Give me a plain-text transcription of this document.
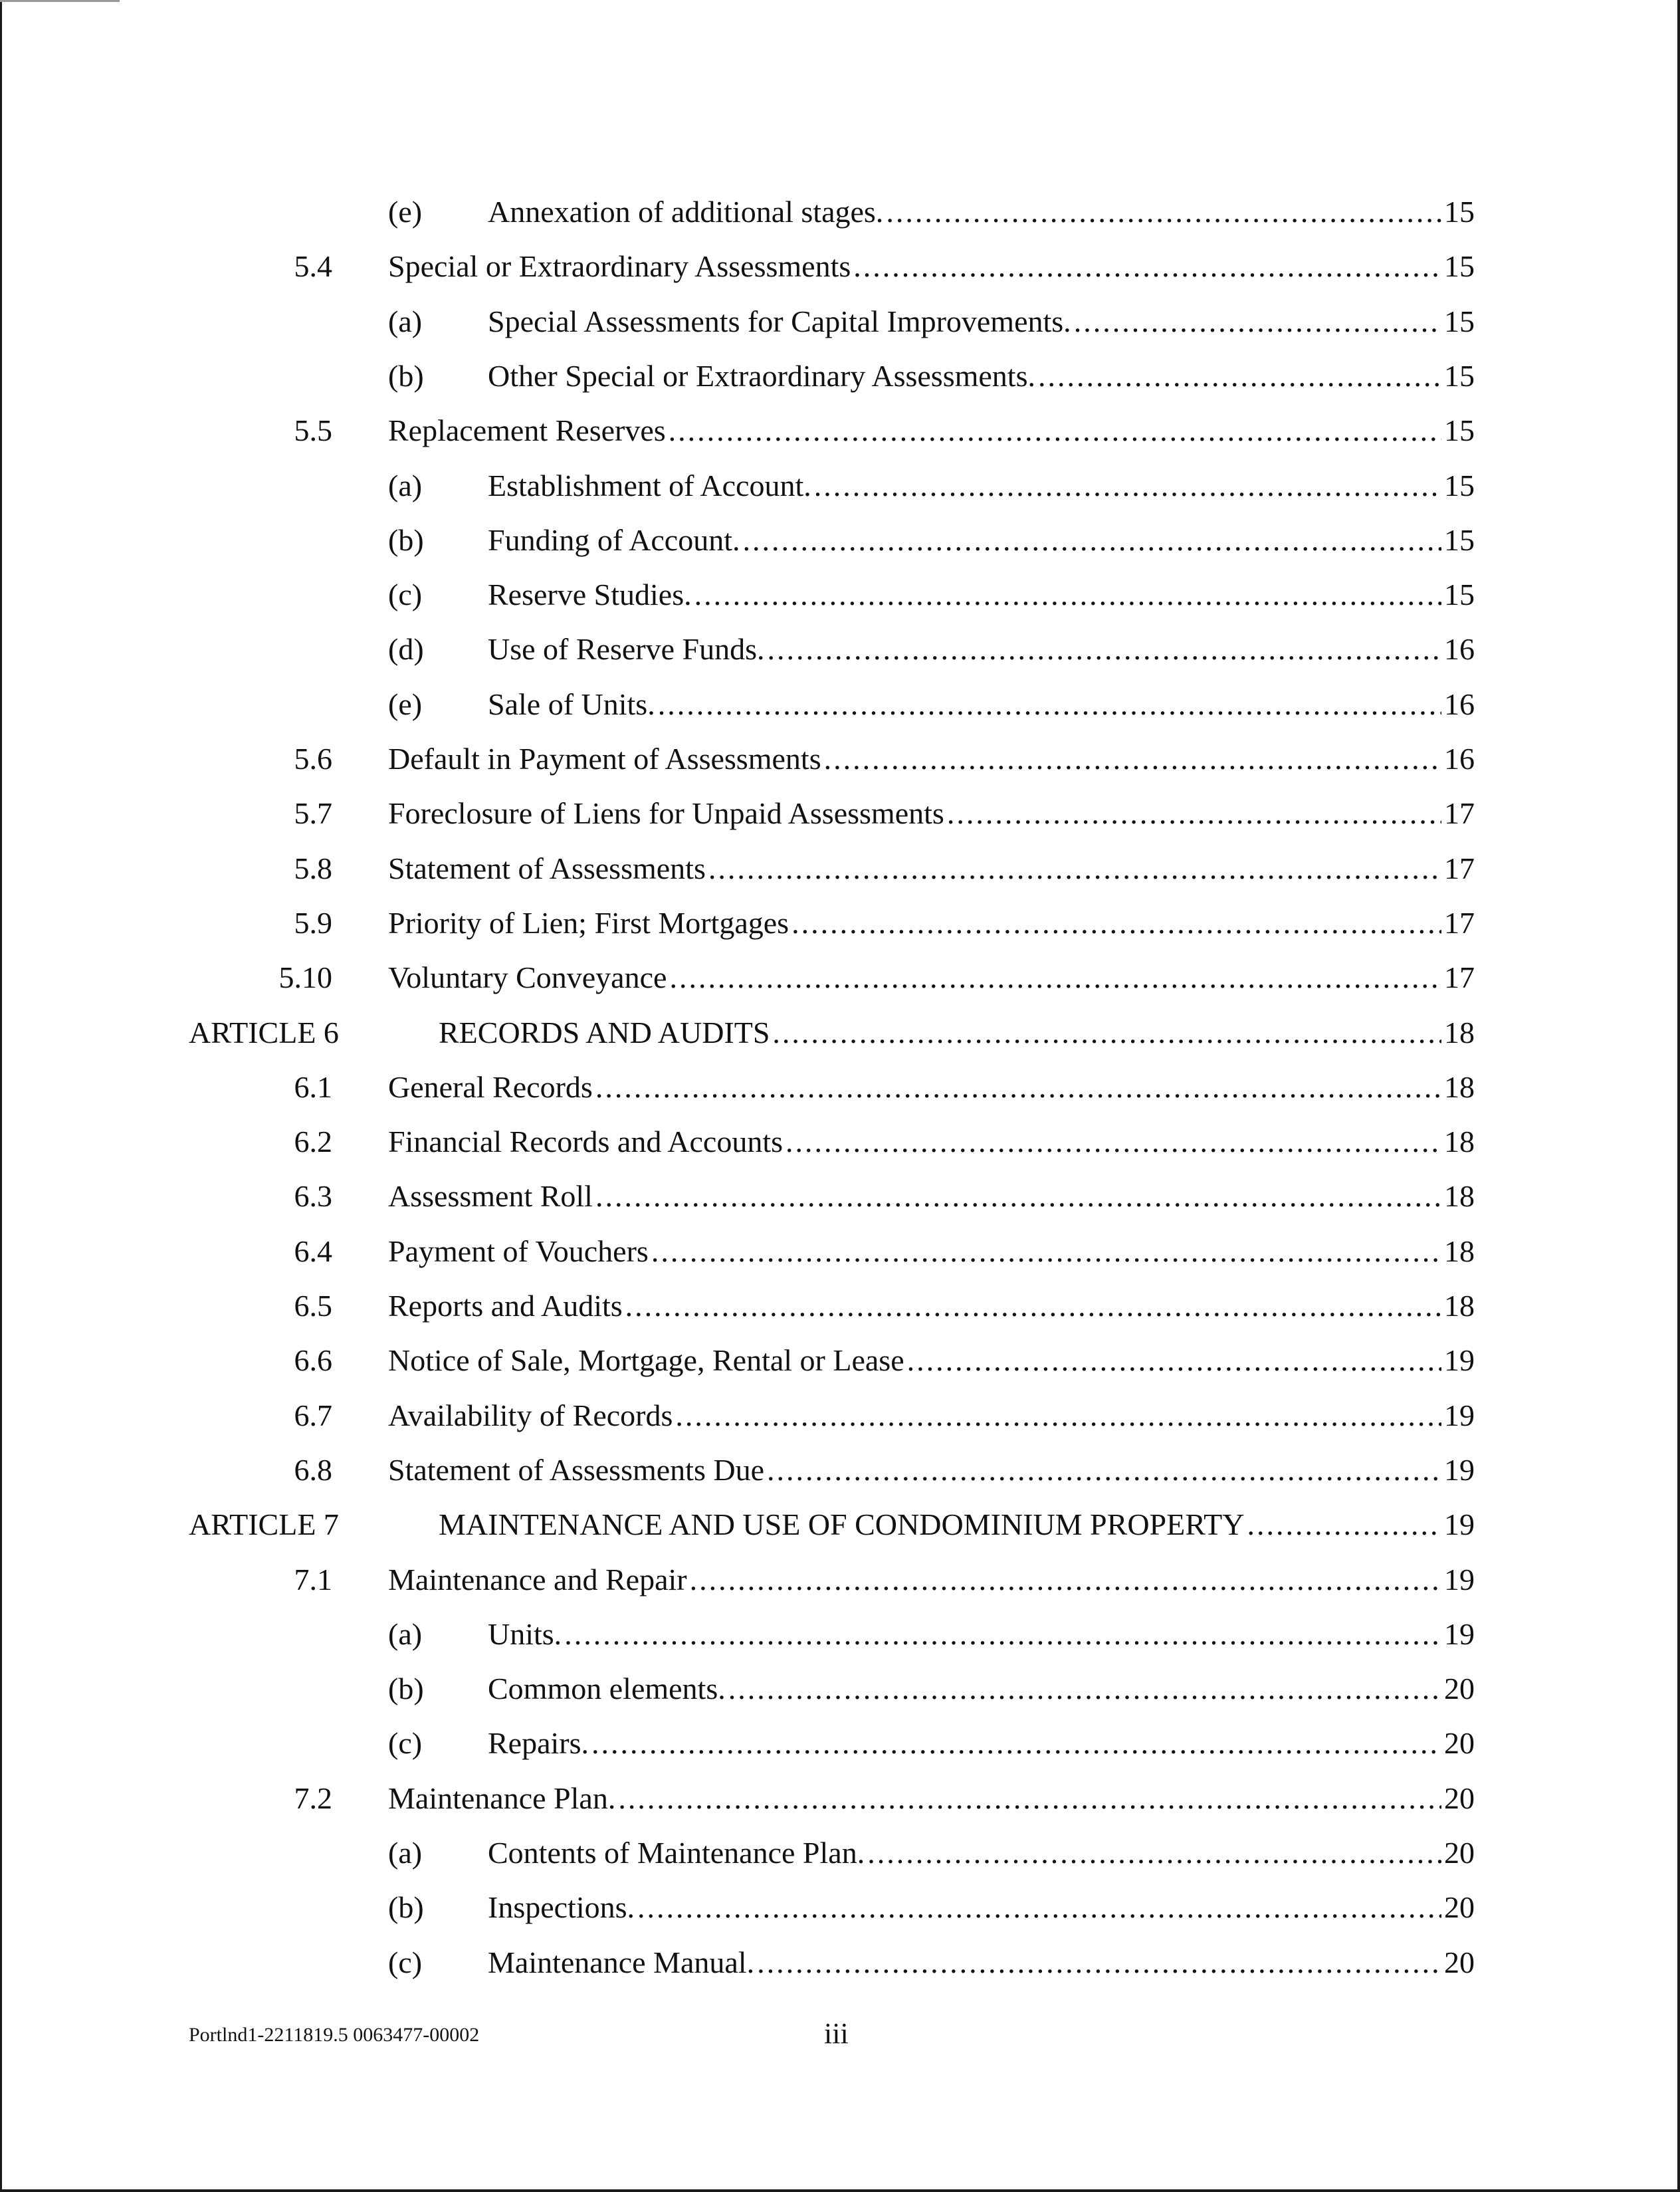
(e) Annexation of additional stages. .....	15
5.4 Special or Extraordinary Assessments .....	15
(a) Special Assessments for Capital Improvements. .....	15
(b) Other Special or Extraordinary Assessments. .....	15
5.5 Replacement Reserves .....	15
(a) Establishment of Account. .....	15
(b) Funding of Account. .....	15
(c) Reserve Studies. .....	15
(d) Use of Reserve Funds. .....	16
(e) Sale of Units. .....	16
5.6 Default in Payment of Assessments .....	16
5.7 Foreclosure of Liens for Unpaid Assessments .....	17
5.8 Statement of Assessments .....	17
5.9 Priority of Lien; First Mortgages .....	17
5.10 Voluntary Conveyance .....	17
ARTICLE 6	RECORDS AND AUDITS .....	18
6.1 General Records .....	18
6.2 Financial Records and Accounts .....	18
6.3 Assessment Roll .....	18
6.4 Payment of Vouchers .....	18
6.5 Reports and Audits .....	18
6.6 Notice of Sale, Mortgage, Rental or Lease .....	19
6.7 Availability of Records .....	19
6.8 Statement of Assessments Due .....	19
ARTICLE 7	MAINTENANCE AND USE OF CONDOMINIUM PROPERTY .....	19
7.1 Maintenance and Repair .....	19
(a) Units. .....	19
(b) Common elements. .....	20
(c) Repairs. .....	20
7.2 Maintenance Plan. .....	20
(a) Contents of Maintenance Plan. .....	20
(b) Inspections. .....	20
(c) Maintenance Manual. .....	20
Portlnd1-2211819.5 0063477-00002	iii
